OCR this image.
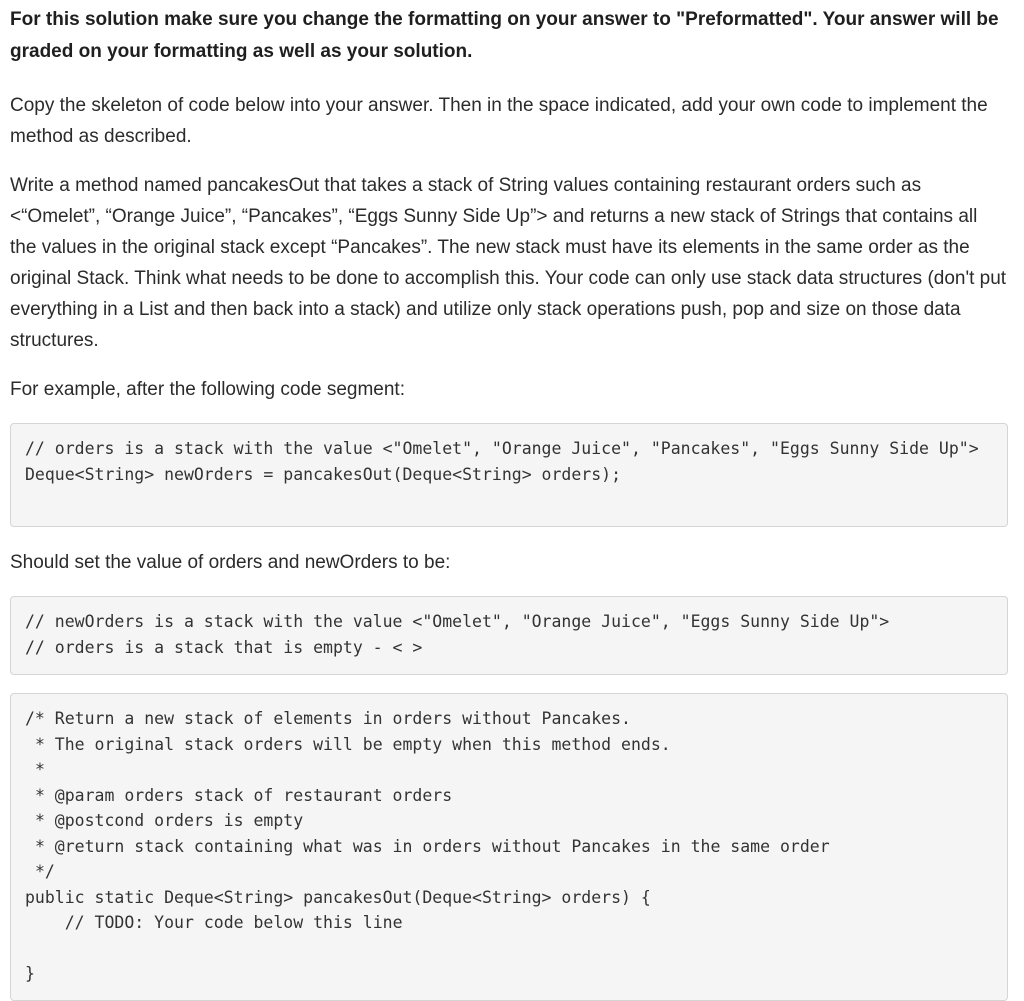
For this solution make sure you change the formatting on your answer to "Preformatted". Your answer will be graded on your formatting as well as your solution.

Copy the skeleton of code below into your answer. Then in the space indicated, add your own code to implement the method as described.

Write a method named pancakesOut that takes a stack of String values containing restaurant orders such as <“Omelet”, “Orange Juice”, “Pancakes”, “Eggs Sunny Side Up”> and returns a new stack of Strings that contains all the values in the original stack except “Pancakes”. The new stack must have its elements in the same order as the original Stack. Think what needs to be done to accomplish this. Your code can only use stack data structures (don't put everything in a List and then back into a stack) and utilize only stack operations push, pop and size on those data structures.

For example, after the following code segment:

// orders is a stack with the value <"Omelet", "Orange Juice", "Pancakes", "Eggs Sunny Side Up">
Deque<String> newOrders = pancakesOut(Deque<String> orders);

Should set the value of orders and newOrders to be:

// newOrders is a stack with the value <"Omelet", "Orange Juice", "Eggs Sunny Side Up">
// orders is a stack that is empty - < >
/* Return a new stack of elements in orders without Pancakes.
* The original stack orders will be empty when this method ends.
*
* @param orders stack of restaurant orders
* @postcond orders is empty
* @return stack containing what was in orders without Pancakes in the same order
*/
public static Deque<String> pancakesOut(Deque<String> orders) {
// TODO: Your code below this line

}
